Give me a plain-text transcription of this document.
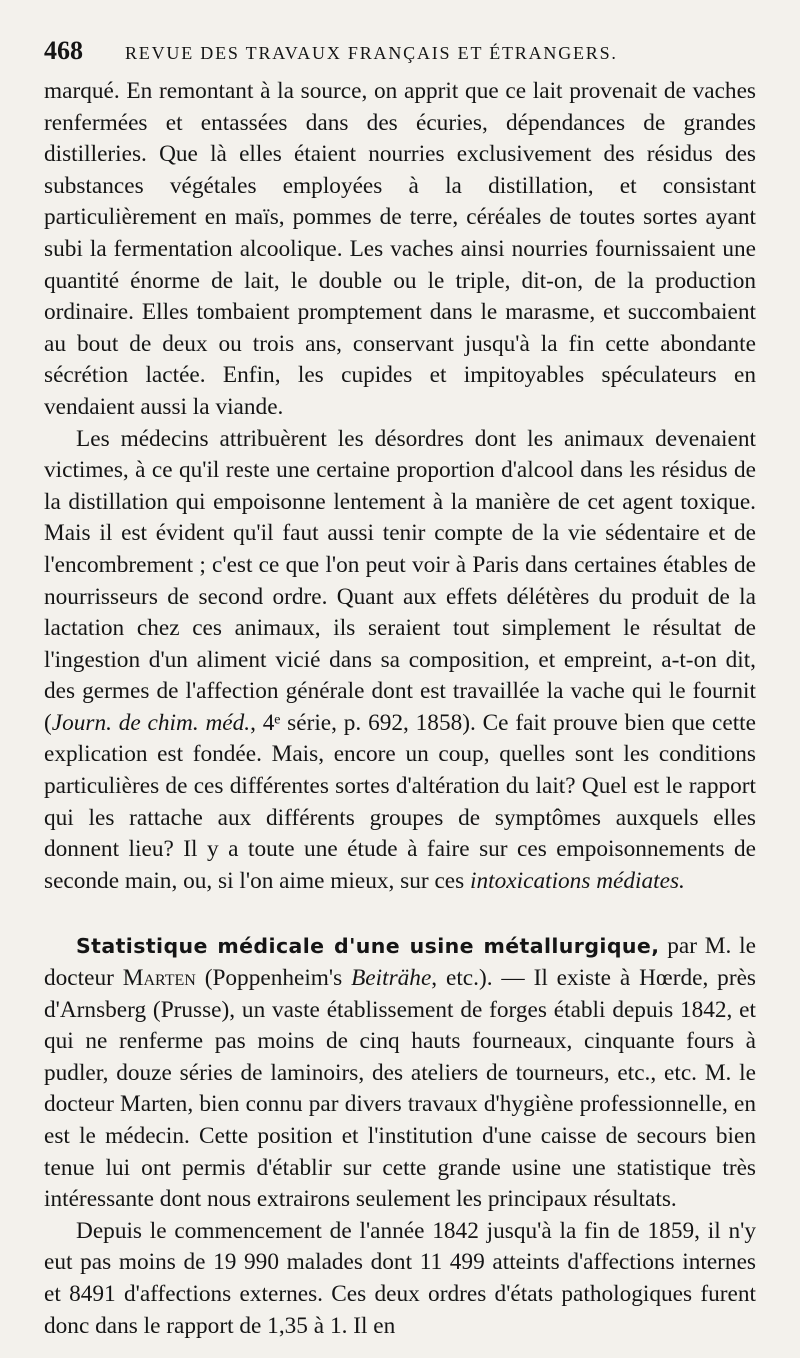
468 REVUE DES TRAVAUX FRANÇAIS ET ÉTRANGERS.

marqué. En remontant à la source, on apprit que ce lait provenait de vaches renfermées et entassées dans des écuries, dépendances de grandes distilleries. Que là elles étaient nourries exclusivement des résidus des substances végétales employées à la distillation, et consistant particulièrement en maïs, pommes de terre, céréales de toutes sortes ayant subi la fermentation alcoolique. Les vaches ainsi nourries fournissaient une quantité énorme de lait, le double ou le triple, dit-on, de la production ordinaire. Elles tombaient promptement dans le marasme, et succombaient au bout de deux ou trois ans, conservant jusqu'à la fin cette abondante sécrétion lactée. Enfin, les cupides et impitoyables spéculateurs en vendaient aussi la viande.

Les médecins attribuèrent les désordres dont les animaux devenaient victimes, à ce qu'il reste une certaine proportion d'alcool dans les résidus de la distillation qui empoisonne lentement à la manière de cet agent toxique. Mais il est évident qu'il faut aussi tenir compte de la vie sédentaire et de l'encombrement ; c'est ce que l'on peut voir à Paris dans certaines étables de nourrisseurs de second ordre. Quant aux effets délétères du produit de la lactation chez ces animaux, ils seraient tout simplement le résultat de l'ingestion d'un aliment vicié dans sa composition, et empreint, a-t-on dit, des germes de l'affection générale dont est travaillée la vache qui le fournit (Journ. de chim. méd., 4ᵉ série, p. 692, 1858). Ce fait prouve bien que cette explication est fondée. Mais, encore un coup, quelles sont les conditions particulières de ces différentes sortes d'altération du lait? Quel est le rapport qui les rattache aux différents groupes de symptômes auxquels elles donnent lieu? Il y a toute une étude à faire sur ces empoisonnements de seconde main, ou, si l'on aime mieux, sur ces intoxications médiates.

Statistique médicale d'une usine métallurgique, par M. le docteur Marten (Poppenheim's Beiträhe, etc.). — Il existe à Hœrde, près d'Arnsberg (Prusse), un vaste établissement de forges établi depuis 1842, et qui ne renferme pas moins de cinq hauts fourneaux, cinquante fours à pudler, douze séries de laminoirs, des ateliers de tourneurs, etc., etc. M. le docteur Marten, bien connu par divers travaux d'hygiène professionnelle, en est le médecin. Cette position et l'institution d'une caisse de secours bien tenue lui ont permis d'établir sur cette grande usine une statistique très intéressante dont nous extrairons seulement les principaux résultats.

Depuis le commencement de l'année 1842 jusqu'à la fin de 1859, il n'y eut pas moins de 19 990 malades dont 11 499 atteints d'affections internes et 8491 d'affections externes. Ces deux ordres d'états pathologiques furent donc dans le rapport de 1,35 à 1. Il en
